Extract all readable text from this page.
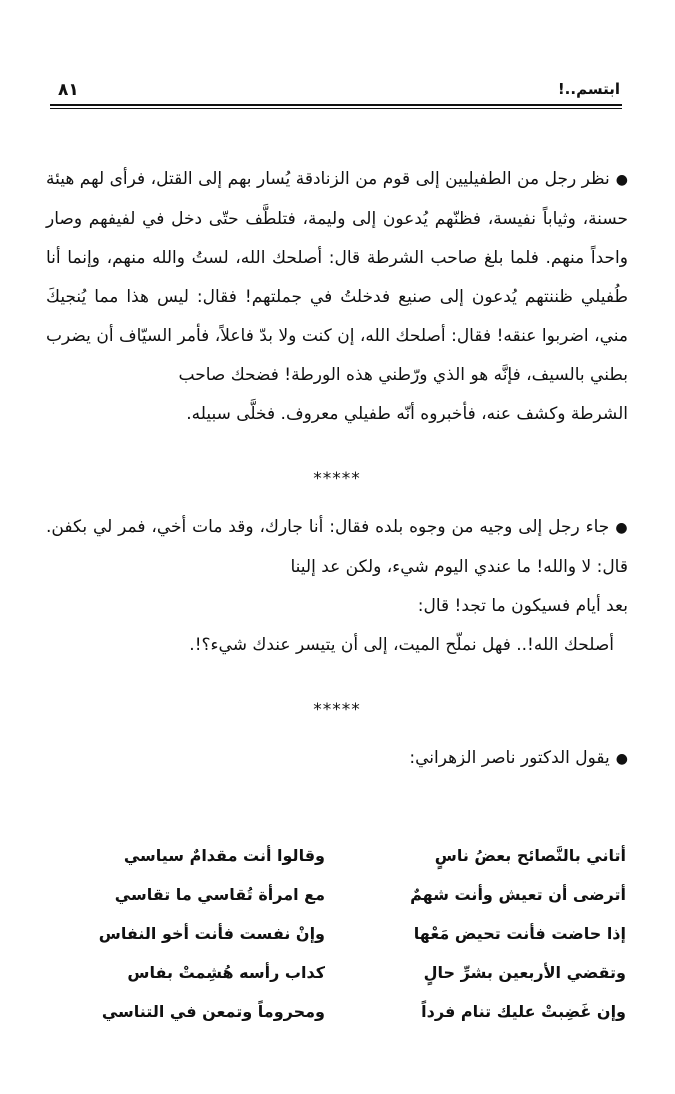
٨١	ابتسم..!

●نظر رجل من الطفيليين إلى قوم من الزنادقة يُسار بهم إلى القتل، فرأى لهم هيئة حسنة، وثياباً نفيسة، فظنّهم يُدعون إلى وليمة، فتلطَّف حتّى دخل في لفيفهم وصار واحداً منهم. فلما بلغ صاحب الشرطة قال: أصلحك الله، لستُ والله منهم، وإنما أنا طُفيلي ظننتهم يُدعون إلى صنيع فدخلتُ في جملتهم! فقال: ليس هذا مما يُنجيكَ مني، اضربوا عنقه! فقال: أصلحك الله، إن كنت ولا بدّ فاعلاً، فأمر السيّاف أن يضرب بطني بالسيف، فإنَّه هو الذي ورّطني هذه الورطة! فضحك صاحب

الشرطة وكشف عنه، فأخبروه أنّه طفيلي معروف. فخلَّى سبيله.

*****

●جاء رجل إلى وجيه من وجوه بلده فقال: أنا جارك، وقد مات أخي، فمر لي بكفن. قال: لا والله! ما عندي اليوم شيء، ولكن عد إلينا

بعد أيام فسيكون ما تجد! قال:

أصلحك الله!.. فهل نملّح الميت، إلى أن يتيسر عندك شيء؟!.

*****

●يقول الدكتور ناصر الزهراني:

أتاني بالنَّصائح بعضُ ناسٍ
وقالوا أنت مقدامٌ سياسي
أترضى أن تعيش وأنت شهمٌ
مع امرأة تُقاسي ما تقاسي
إذا حاضت فأنت تحيض مَعْها
وإنْ نفست فأنت أخو النفاس
وتقضي الأربعين بشرِّ حالٍ
كداب رأسه هُشِمتْ بفاس
وإن غَضِبتْ عليك تنام فرداً
ومحروماً وتمعن في التناسي
